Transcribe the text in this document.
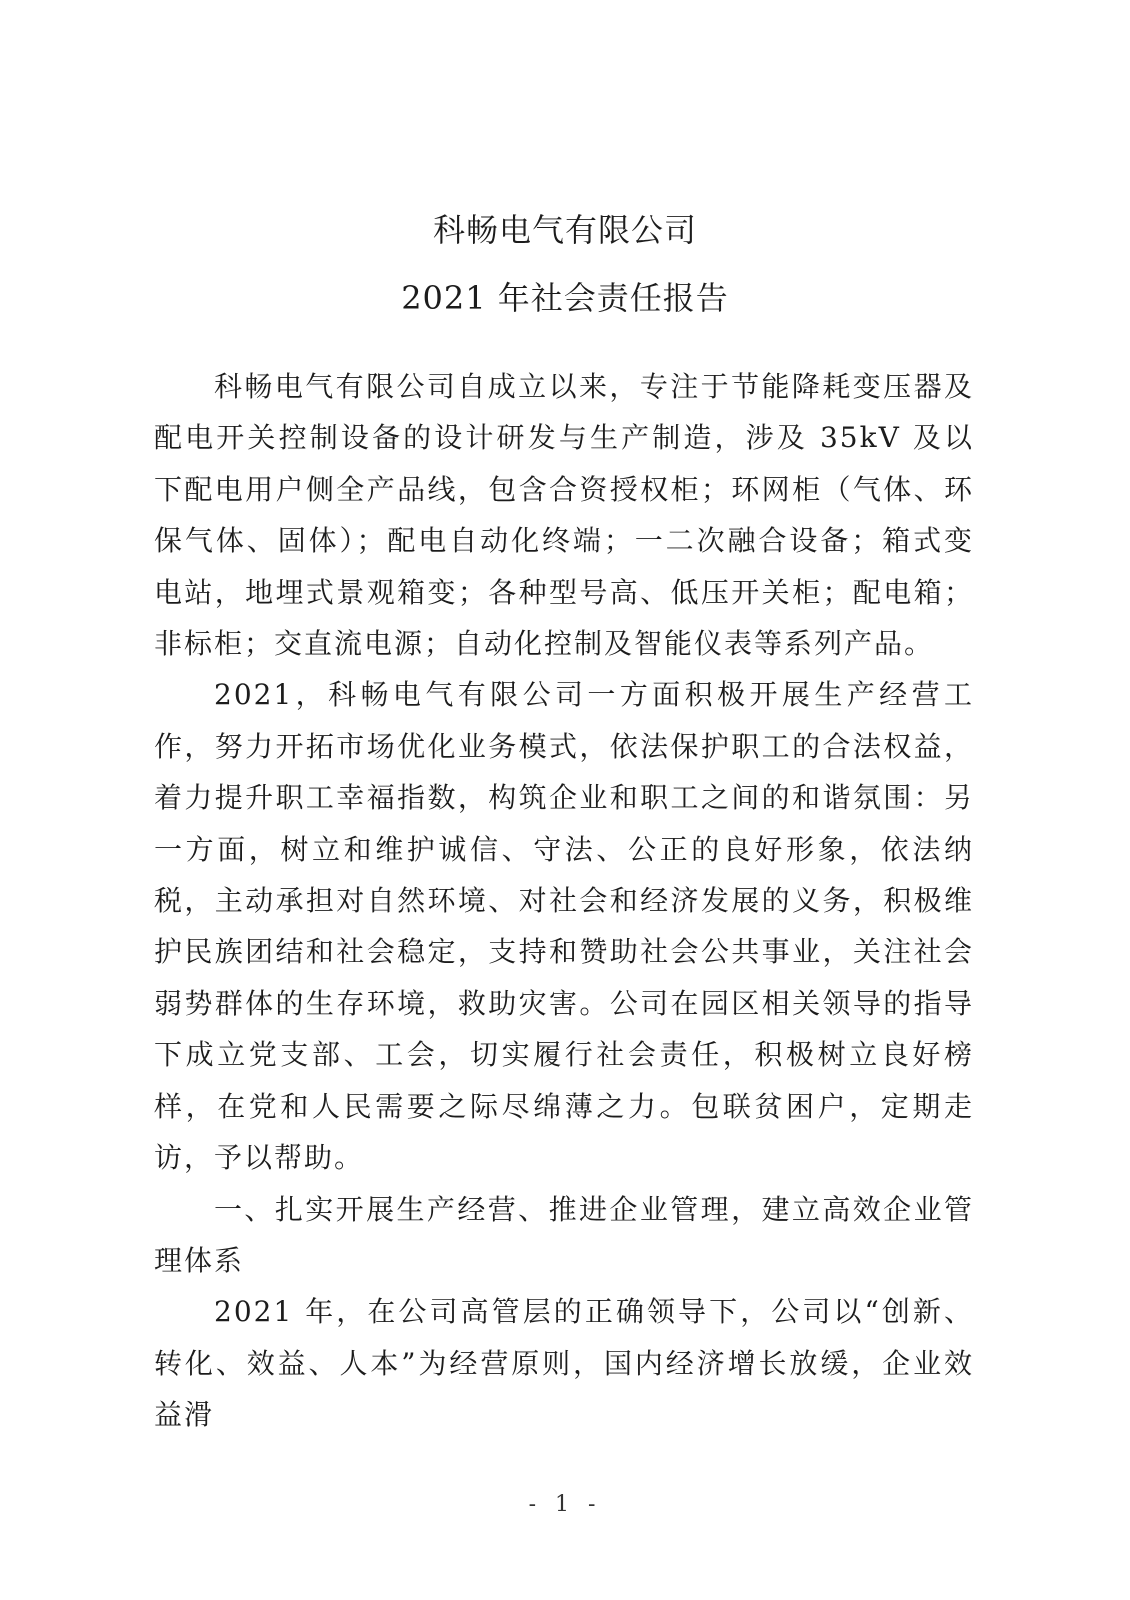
科畅电气有限公司

2021 年社会责任报告

科畅电气有限公司自成立以来，专注于节能降耗变压器及配电开关控制设备的设计研发与生产制造，涉及 35kV 及以下配电用户侧全产品线，包含合资授权柜；环网柜（气体、环保气体、固体）；配电自动化终端；一二次融合设备；箱式变电站，地埋式景观箱变；各种型号高、低压开关柜；配电箱；非标柜；交直流电源；自动化控制及智能仪表等系列产品。

2021，科畅电气有限公司一方面积极开展生产经营工作，努力开拓市场优化业务模式，依法保护职工的合法权益，着力提升职工幸福指数，构筑企业和职工之间的和谐氛围：另一方面，树立和维护诚信、守法、公正的良好形象，依法纳税，主动承担对自然环境、对社会和经济发展的义务，积极维护民族团结和社会稳定，支持和赞助社会公共事业，关注社会弱势群体的生存环境，救助灾害。公司在园区相关领导的指导下成立党支部、工会，切实履行社会责任，积极树立良好榜样，在党和人民需要之际尽绵薄之力。包联贫困户，定期走访，予以帮助。

一、扎实开展生产经营、推进企业管理，建立高效企业管理体系

2021 年，在公司高管层的正确领导下，公司以“创新、转化、效益、人本”为经营原则，国内经济增长放缓，企业效益滑

- 1 -
